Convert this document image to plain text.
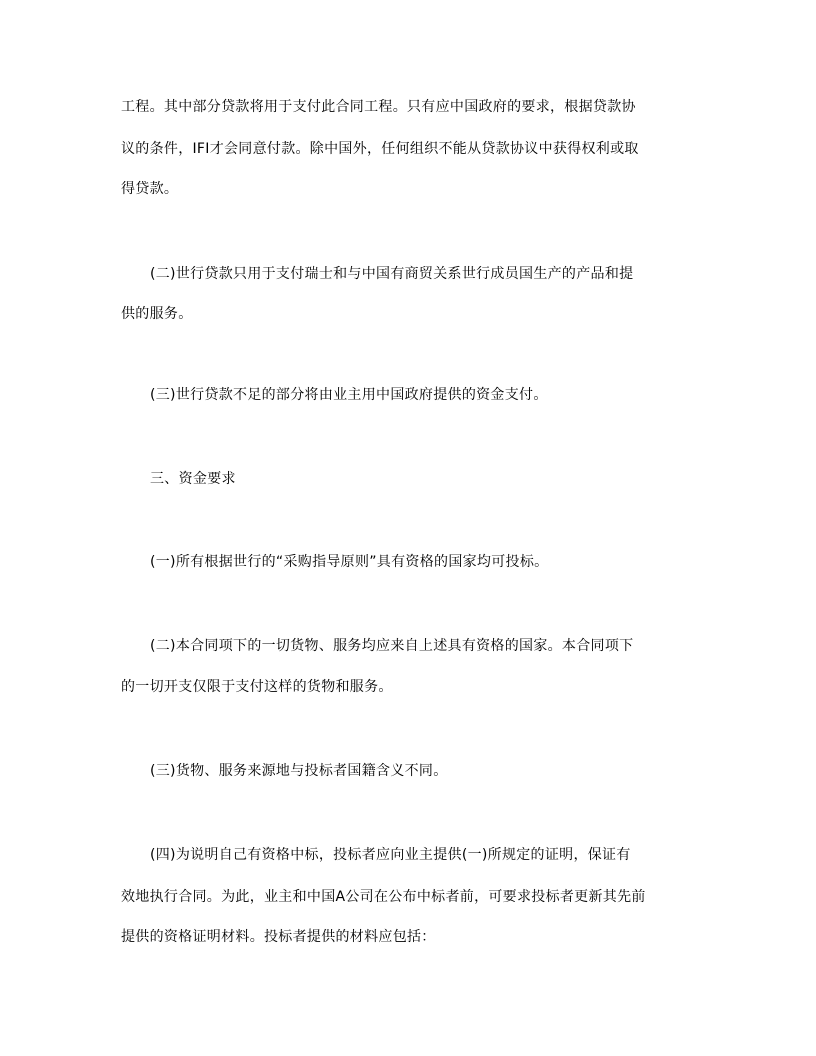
工程。其中部分贷款将用于支付此合同工程。只有应中国政府的要求，根据贷款协
议的条件，IFI才会同意付款。除中国外，任何组织不能从贷款协议中获得权利或取
得贷款。
(二)世行贷款只用于支付瑞士和与中国有商贸关系世行成员国生产的产品和提
供的服务。
(三)世行贷款不足的部分将由业主用中国政府提供的资金支付。
三、资金要求
(一)所有根据世行的“采购指导原则”具有资格的国家均可投标。
(二)本合同项下的一切货物、服务均应来自上述具有资格的国家。本合同项下
的一切开支仅限于支付这样的货物和服务。
(三)货物、服务来源地与投标者国籍含义不同。
(四)为说明自己有资格中标，投标者应向业主提供(一)所规定的证明，保证有
效地执行合同。为此，业主和中国A公司在公布中标者前，可要求投标者更新其先前
提供的资格证明材料。投标者提供的材料应包括：
